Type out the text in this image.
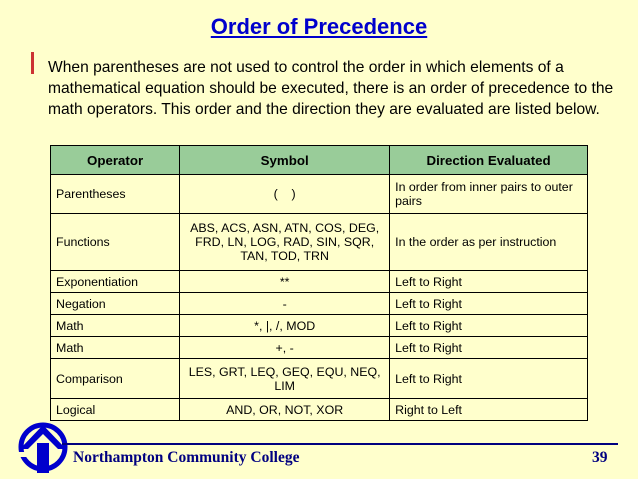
Order of Precedence

When parentheses are not used to control the order in which elements of a mathematical equation should be executed, there is an order of precedence to the math operators. This order and the direction they are evaluated are listed below.

Operator	Symbol	Direction Evaluated
Parentheses	(    )	In order from inner pairs to outer pairs
Functions	ABS, ACS, ASN, ATN, COS, DEG, FRD, LN, LOG, RAD, SIN, SQR, TAN, TOD, TRN	In the order as per instruction
Exponentiation	**	Left to Right
Negation	-	Left to Right
Math	*, |, /, MOD	Left to Right
Math	+, -	Left to Right
Comparison	LES, GRT, LEQ, GEQ, EQU, NEQ, LIM	Left to Right
Logical	AND, OR, NOT, XOR	Right to Left
Northampton Community College	39
